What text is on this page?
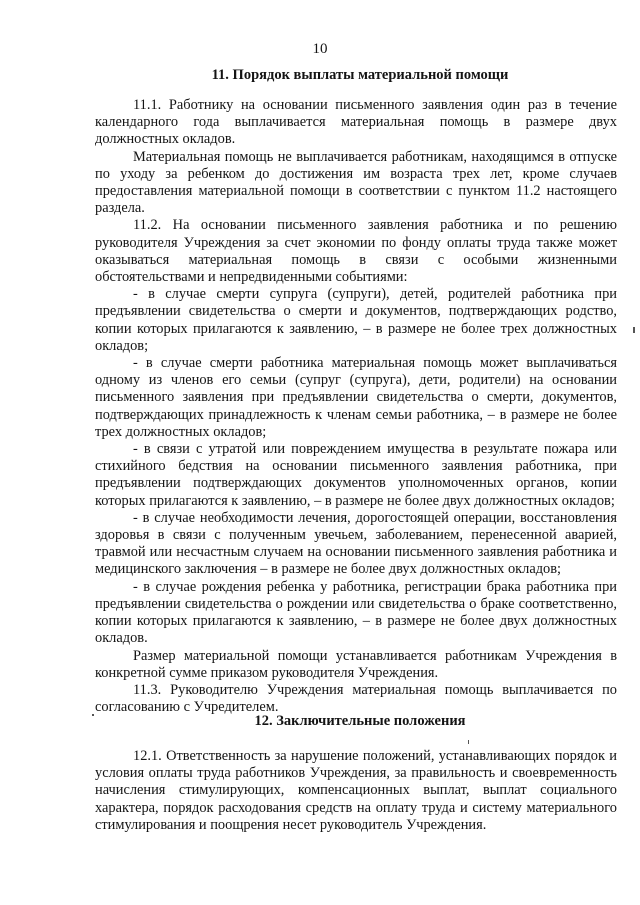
10
11. Порядок выплаты материальной помощи

11.1. Работнику на основании письменного заявления один раз в течение календарного года выплачивается материальная помощь в размере двух должностных окладов.

Материальная помощь не выплачивается работникам, находящимся в отпуске по уходу за ребенком до достижения им возраста трех лет, кроме случаев предоставления материальной помощи в соответствии с пунктом 11.2 настоящего раздела.

11.2. На основании письменного заявления работника и по решению руководителя Учреждения за счет экономии по фонду оплаты труда также может оказываться материальная помощь в связи с особыми жизненными обстоятельствами и непредвиденными событиями:

- в случае смерти супруга (супруги), детей, родителей работника при предъявлении свидетельства о смерти и документов, подтверждающих родство, копии которых прилагаются к заявлению, – в размере не более трех должностных окладов;

- в случае смерти работника материальная помощь может выплачиваться одному из членов его семьи (супруг (супруга), дети, родители) на основании письменного заявления при предъявлении свидетельства о смерти, документов, подтверждающих принадлежность к членам семьи работника, – в размере не более трех должностных окладов;

- в связи с утратой или повреждением имущества в результате пожара или стихийного бедствия на основании письменного заявления работника, при предъявлении подтверждающих документов уполномоченных органов, копии которых прилагаются к заявлению, – в размере не более двух должностных окладов;

- в случае необходимости лечения, дорогостоящей операции, восстановления здоровья в связи с полученным увечьем, заболеванием, перенесенной аварией, травмой или несчастным случаем на основании письменного заявления работника и медицинского заключения – в размере не более двух должностных окладов;

- в случае рождения ребенка у работника, регистрации брака работника при предъявлении свидетельства о рождении или свидетельства о браке соответственно, копии которых прилагаются к заявлению, – в размере не более двух должностных окладов.

Размер материальной помощи устанавливается работникам Учреждения в конкретной сумме приказом руководителя Учреждения.

11.3. Руководителю Учреждения материальная помощь выплачивается по согласованию с Учредителем.

12. Заключительные положения

12.1. Ответственность за нарушение положений, устанавливающих порядок и условия оплаты труда работников Учреждения, за правильность и своевременность начисления стимулирующих, компенсационных выплат, выплат социального характера, порядок расходования средств на оплату труда и систему материального стимулирования и поощрения несет руководитель Учреждения.
